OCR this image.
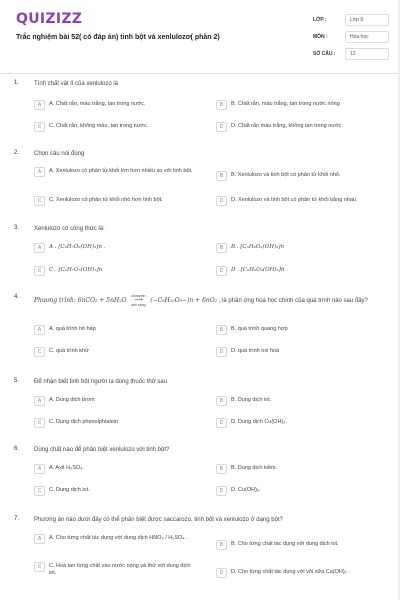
QUIZIZZ
Trắc nghiệm bài 52( có đáp án) tinh bột và xenlulozơ( phần 2)
LỚP :	Lớp 9
MÔN :	Hóa học
SỐ CÂU :	12
1. Tính chất vật lí của xenlulozo là
A	A. Chất rắn, màu trắng, tan trong nước.	B	B. Chất rắn, màu trắng, tan trong nước nóng
C	C. Chất rắn, không màu, tan trong nước.	D	D. Chất rắn màu trắng, không tan trong nước
2. Chọn câu nói đúng
A	A. Xenlulozo có phân tử khối lớn hơn nhiều so với tinh bột.
B	B. Xenlulozo và tinh bột có phân tử khối nhỏ.
C	C. Xenlulozo có phân tử khối nhỏ hơn tinh bột.	D	D. Xenlulozo và tinh bột có phân tử khối bằng nhau
3. Xenlulozo có công thức là:
A	A . [C₆H₇O₂(OH)₃]n .	B	B . [C₆H₈O₂(OH)₃]n
C	C . [C₆H₇O₃(OH)₃]n	D	D . [C₆H₅O₄(OH)₃]n
4.
Phương trình: 6nCO₂ + 5nH₂O
clorophin
⟶
ánh sáng
(−C₆H₁₀O₅−)n + 6nO₂ , là phản ứng hoá học chính của quá trình nào sau đây?
A	A. quá trình hô hấp	B	B. quá trình quang hợp
C	C. quá trình khử	D	D. quá trình oxi hoá
5. Để nhận biết tinh bột người ta dùng thuốc thử sau
A	A. Dung dịch brom	B	B. Dung dịch iot.
C	C. Dung dịch phenolphtalein	D	D. Dung dịch Cu(OH)₂.
6. Dùng chất nào để phân biệt xenlulozo với tinh bột?
A	A. Axit H₂SO₄.	B	B. Dung dịch kiềm.
C	C. Dung dịch iot.	D	D. Cu(OH)₂.
7. Phương án nào dưới đây có thể phân biệt được saccarozo, tinh bột và xenlulozo ở dạng bột?
A	A. Cho từng chất tác dụng với dung dịch HNO₃ / H₂SO₄ .
B	B. Cho từng chất tác dụng với dung dịch iot.
C	C. Hoà tan từng chất vào nước nóng và thử với dung dịch iot.	D	D. Cho từng chất tác dụng với vôi sữa Ca(OH)₂ .
